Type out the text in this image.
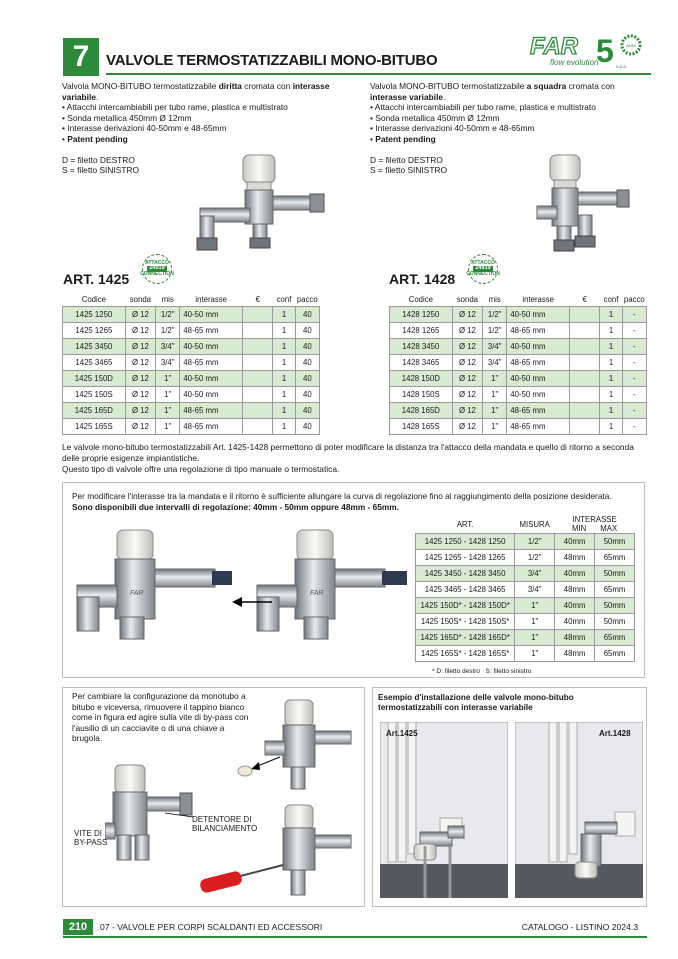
7	VALVOLE TERMOSTATIZZABILI MONO-BITUBO
FAR 5	ANNI
flow evolution	s.p.a.

Valvola MONO-BITUBO termostatizzabile diritta cromata con interasse variabile.

• Attacchi intercambiabili per tubo rame, plastica e multistrato
• Sonda metallica 450mm Ø 12mm
• Interasse derivazioni 40-50mm e 48-65mm
• Patent pending

D = filetto DESTRO

S = filetto SINISTRO

Valvola MONO-BITUBO termostatizzabile a squadra cromata con interasse variabile.

• Attacchi intercambiabili per tubo rame, plastica e multistrato
• Sonda metallica 450mm Ø 12mm
• Interasse derivazioni 40-50mm e 48-65mm
• Patent pending

D = filetto DESTRO

S = filetto SINISTRO

ART. 1425
ATTACCO
24x19
CONNECTION	ART. 1428
ATTACCO
24x19
CONNECTION
Codice	sonda	mis	interasse	€	conf	pacco
1425 1250	Ø 12	1/2"	40-50 mm		1	40
1425 1265	Ø 12	1/2"	48-65 mm		1	40
1425 3450	Ø 12	3/4"	40-50 mm		1	40
1425 3465	Ø 12	3/4"	48-65 mm		1	40
1425 150D	Ø 12	1"	40-50 mm		1	40
1425 150S	Ø 12	1"	40-50 mm		1	40
1425 165D	Ø 12	1"	48-65 mm		1	40
1425 165S	Ø 12	1"	48-65 mm		1	40
Codice	sonda	mis	interasse	€	conf	pacco
1428 1250	Ø 12	1/2"	40-50 mm		1	-
1428 1265	Ø 12	1/2"	48-65 mm		1	-
1428 3450	Ø 12	3/4"	40-50 mm		1	-
1428 3465	Ø 12	3/4"	48-65 mm		1	-
1428 150D	Ø 12	1"	40-50 mm		1	-
1428 150S	Ø 12	1"	40-50 mm		1	-
1428 165D	Ø 12	1"	48-65 mm		1	-
1428 165S	Ø 12	1"	48-65 mm		1	-

Le valvole mono-bitubo termostatizzabili Art. 1425-1428 permettono di poter modificare la distanza tra l'attacco della mandata e quello di ritorno a seconda delle proprie esigenze impiantistiche.

Questo tipo di valvole offre una regolazione di tipo manuale o termostatica.

Per modificare l'interasse tra la mandata e il ritorno è sufficiente allungare la curva di regolazione fino al raggiungimento della posizione desiderata.

Sono disponibili due intervalli di regolazione: 40mm - 50mm oppure 48mm - 65mm.

FAR	FAR
ART.	MISURA	INTERASSE
MIN MAX	
1425 1250 - 1428 1250	1/2"	40mm	50mm
1425 1265 - 1428 1265	1/2"	48mm	65mm
1425 3450 - 1428 3450	3/4"	40mm	50mm
1425 3465 - 1428 3465	3/4"	48mm	65mm
1425 150D* - 1428 150D*	1"	40mm	50mm
1425 150S* - 1428 150S*	1"	40mm	50mm
1425 165D* - 1428 165D*	1"	48mm	65mm
1425 165S* - 1428 165S*	1"	48mm	65mm
* D: filetto destro S: filetto sinistro
Per cambiare la configurazione da monotubo a bitubo e viceversa, rimuovere il tappino bianco come in figura ed agire sulla vite di by-pass con l'ausilio di un cacciavite o di una chiave a brugola.
DETENTORE DI
BILANCIAMENTO
VITE DI
BY-PASS
Esempio d'installazione delle valvole mono-bitubo termostatizzabili con interasse variabile
Art.1425	Art.1428
210	07 - VALVOLE PER CORPI SCALDANTI ED ACCESSORI	CATALOGO - LISTINO 2024.3
